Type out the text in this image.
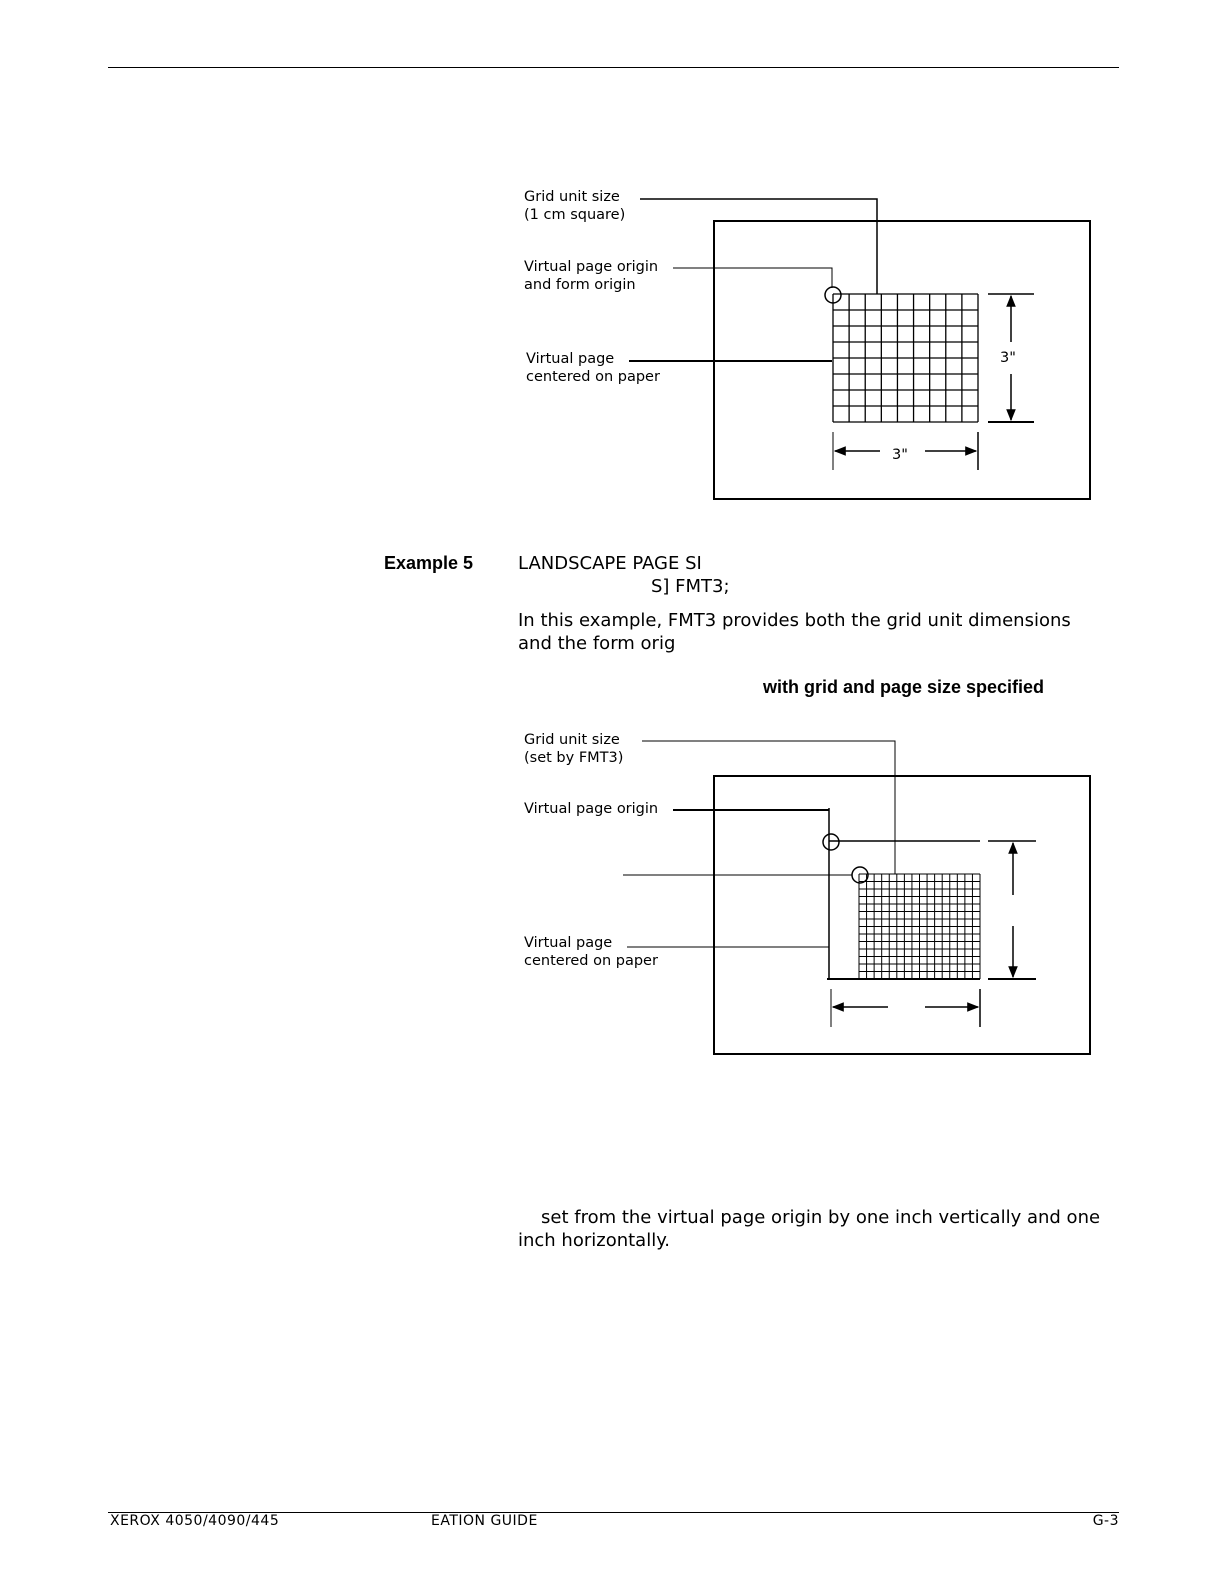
Grid unit size
(1 cm square)
Virtual page origin
and form origin
Virtual page
centered on paper
3"
3"
Example 5 LANDSCAPE PAGE SI
S] FMT3;
In this example, FMT3 provides both the grid unit dimensions
and the form orig
with grid and page size specified
Grid unit size
(set by FMT3)
Virtual page origin
Virtual page
centered on paper
set from the virtual page origin by one inch vertically and one
inch horizontally.
XEROX 4050/4090/445	EATION GUIDE	G-3
